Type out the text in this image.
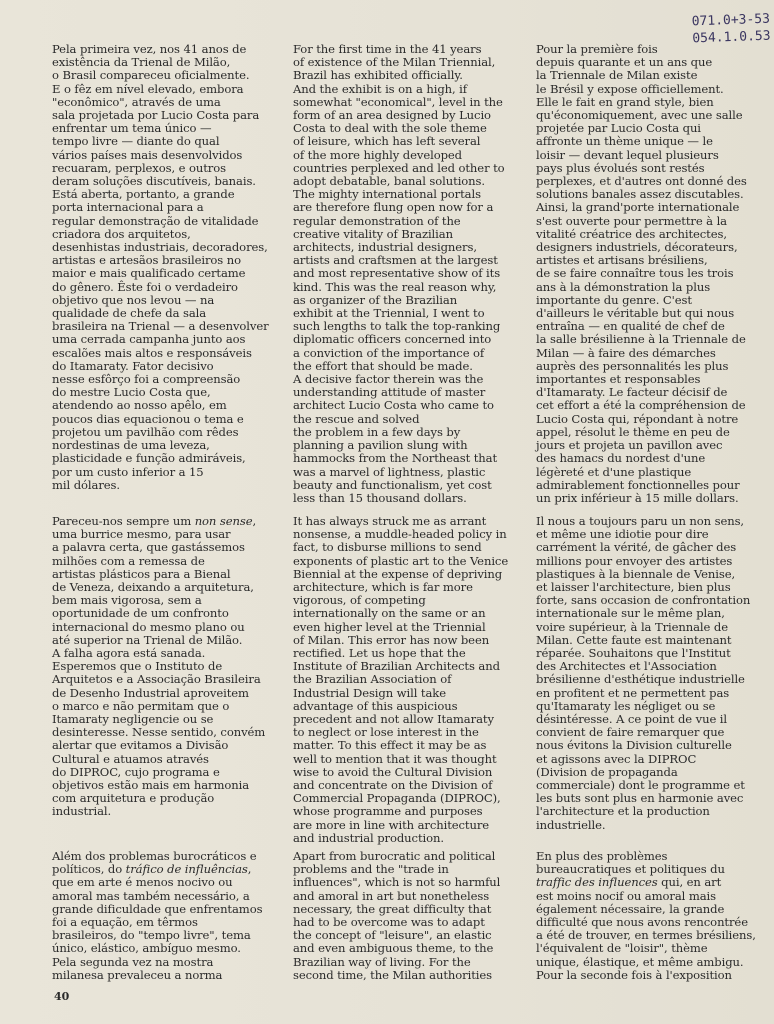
071.0+3-53
054.1.0.53

Pela primeira vez, nos 41 anos de
existência da Trienal de Milão,
o Brasil compareceu oficialmente.
E o fêz em nível elevado, embora
"econômico", através de uma
sala projetada por Lucio Costa para
enfrentar um tema único —
tempo livre — diante do qual
vários países mais desenvolvidos
recuaram, perplexos, e outros
deram soluções discutíveis, banais.
Está aberta, portanto, a grande
porta internacional para a
regular demonstração de vitalidade
criadora dos arquitetos,
desenhistas industriais, decoradores,
artistas e artesãos brasileiros no
maior e mais qualificado certame
do gênero. Êste foi o verdadeiro
objetivo que nos levou — na
qualidade de chefe da sala
brasileira na Trienal — a desenvolver
uma cerrada campanha junto aos
escalões mais altos e responsáveis
do Itamaraty. Fator decisivo
nesse esfôrço foi a compreensão
do mestre Lucio Costa que,
atendendo ao nosso apêlo, em
poucos dias equacionou o tema e
projetou um pavilhão com rêdes
nordestinas de uma leveza,
plasticidade e função admiráveis,
por um custo inferior a 15
mil dólares.

For the first time in the 41 years
of existence of the Milan Triennial,
Brazil has exhibited officially.
And the exhibit is on a high, if
somewhat "economical", level in the
form of an area designed by Lucio
Costa to deal with the sole theme
of leisure, which has left several
of the more highly developed
countries perplexed and led other to
adopt debatable, banal solutions.
The mighty international portals
are therefore flung open now for a
regular demonstration of the
creative vitality of Brazilian
architects, industrial designers,
artists and craftsmen at the largest
and most representative show of its
kind. This was the real reason why,
as organizer of the Brazilian
exhibit at the Triennial, I went to
such lengths to talk the top-ranking
diplomatic officers concerned into
a conviction of the importance of
the effort that should be made.
A decisive factor therein was the
understanding attitude of master
architect Lucio Costa who came to
the rescue and solved
the problem in a few days by
planning a pavilion slung with
hammocks from the Northeast that
was a marvel of lightness, plastic
beauty and functionalism, yet cost
less than 15 thousand dollars.

Pour la première fois
depuis quarante et un ans que
la Triennale de Milan existe
le Brésil y expose officiellement.
Elle le fait en grand style, bien
qu'économiquement, avec une salle
projetée par Lucio Costa qui
affronte un thème unique — le
loisir — devant lequel plusieurs
pays plus évolués sont restés
perplexes, et d'autres ont donné des
solutions banales assez discutables.
Ainsi, la grand'porte internationale
s'est ouverte pour permettre à la
vitalité créatrice des architectes,
designers industriels, décorateurs,
artistes et artisans brésiliens,
de se faire connaître tous les trois
ans à la démonstration la plus
importante du genre. C'est
d'ailleurs le véritable but qui nous
entraîna — en qualité de chef de
la salle brésilienne à la Triennale de
Milan — à faire des démarches
auprès des personnalités les plus
importantes et responsables
d'Itamaraty. Le facteur décisif de
cet effort a été la compréhension de
Lucio Costa qui, répondant à notre
appel, résolut le thème en peu de
jours et projeta un pavillon avec
des hamacs du nordest d'une
légèreté et d'une plastique
admirablement fonctionnelles pour
un prix inférieur à 15 mille dollars.

Pareceu-nos sempre um non sense,
uma burrice mesmo, para usar
a palavra certa, que gastássemos
milhões com a remessa de
artistas plásticos para a Bienal
de Veneza, deixando a arquitetura,
bem mais vigorosa, sem a
oportunidade de um confronto
internacional do mesmo plano ou
até superior na Trienal de Milão.
A falha agora está sanada.
Esperemos que o Instituto de
Arquitetos e a Associação Brasileira
de Desenho Industrial aproveitem
o marco e não permitam que o
Itamaraty negligencie ou se
desinteresse. Nesse sentido, convém
alertar que evitamos a Divisão
Cultural e atuamos através
do DIPROC, cujo programa e
objetivos estão mais em harmonia
com arquitetura e produção
industrial.

It has always struck me as arrant
nonsense, a muddle-headed policy in
fact, to disburse millions to send
exponents of plastic art to the Venice
Biennial at the expense of depriving
architecture, which is far more
vigorous, of competing
internationally on the same or an
even higher level at the Triennial
of Milan. This error has now been
rectified. Let us hope that the
Institute of Brazilian Architects and
the Brazilian Association of
Industrial Design will take
advantage of this auspicious
precedent and not allow Itamaraty
to neglect or lose interest in the
matter. To this effect it may be as
well to mention that it was thought
wise to avoid the Cultural Division
and concentrate on the Division of
Commercial Propaganda (DIPROC),
whose programme and purposes
are more in line with architecture
and industrial production.

Il nous a toujours paru un non sens,
et même une idiotie pour dire
carrément la vérité, de gâcher des
millions pour envoyer des artistes
plastiques à la biennale de Venise,
et laisser l'architecture, bien plus
forte, sans occasion de confrontation
internationale sur le même plan,
voire supérieur, à la Triennale de
Milan. Cette faute est maintenant
réparée. Souhaitons que l'Institut
des Architectes et l'Association
brésilienne d'esthétique industrielle
en profitent et ne permettent pas
qu'Itamaraty les négliget ou se
désintéresse. A ce point de vue il
convient de faire remarquer que
nous évitons la Division culturelle
et agissons avec la DIPROC
(Division de propaganda
commerciale) dont le programme et
les buts sont plus en harmonie avec
l'architecture et la production
industrielle.

Além dos problemas burocráticos e
políticos, do tráfico de influências,
que em arte é menos nocivo ou
amoral mas também necessário, a
grande dificuldade que enfrentamos
foi a equação, em têrmos
brasileiros, do "tempo livre", tema
único, elástico, ambíguo mesmo.
Pela segunda vez na mostra
milanesa prevaleceu a norma

Apart from burocratic and political
problems and the "trade in
influences", which is not so harmful
and amoral in art but nonetheless
necessary, the great difficulty that
had to be overcome was to adapt
the concept of "leisure", an elastic
and even ambiguous theme, to the
Brazilian way of living. For the
second time, the Milan authorities

En plus des problèmes
bureaucratiques et politiques du
traffic des influences qui, en art
est moins nocif ou amoral mais
également nécessaire, la grande
difficulté que nous avons rencontrée
a été de trouver, en termes brésiliens,
l'équivalent de "loisir", thème
unique, élastique, et même ambigu.
Pour la seconde fois à l'exposition

40
